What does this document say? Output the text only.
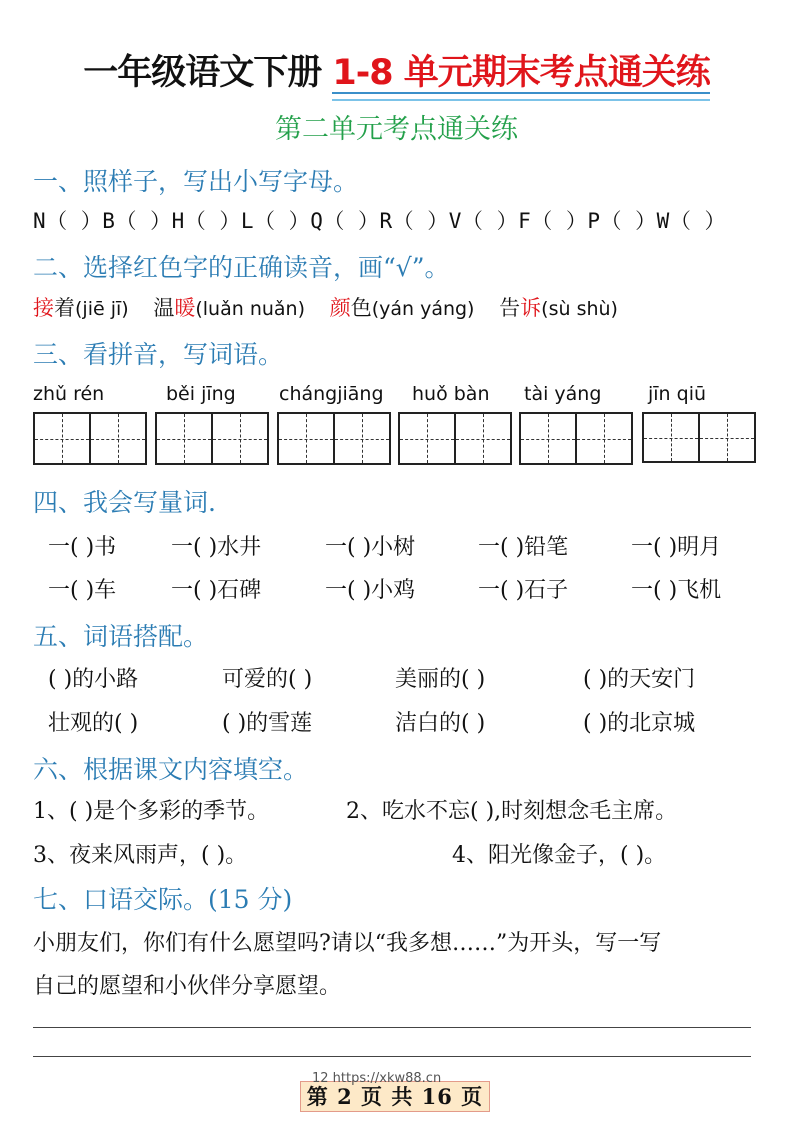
一年级语文下册 1-8 单元期末考点通关练
第二单元考点通关练
一、照样子，写出小写字母。
N（ ）B（ ）H（ ）L（ ）Q（ ）R（ ）V（ ）F（ ）P（ ）W（ ）
二、选择红色字的正确读音，画“√”。
接着(jiē jī) 温暖(luǎn nuǎn) 颜色(yán yáng) 告诉(sù shù)
三、看拼音，写词语。
zhǔ rén	běi jīng chángjiāng huǒ bàn tài yáng jīn qiū
四、我会写量词.
一( )书 一( )水井	一( )小树	一( )铅笔	一( )明月
一( )车 一( )石碑	一( )小鸡	一( )石子	一( )飞机
五、词语搭配。
( )的小路	可爱的( )	美丽的( )	( )的天安门
壮观的( )	( )的雪莲	洁白的( )	( )的北京城
六、根据课文内容填空。
1、( )是个多彩的季节。	2、吃水不忘( ),时刻想念毛主席。
3、夜来风雨声，( )。	4、阳光像金子，( )。
七、口语交际。(15 分)
小朋友们，你们有什么愿望吗?请以“我多想……”为开头，写一写
自己的愿望和小伙伴分享愿望。
第 2 页 共 16 页
12 https://xkw88.cn
